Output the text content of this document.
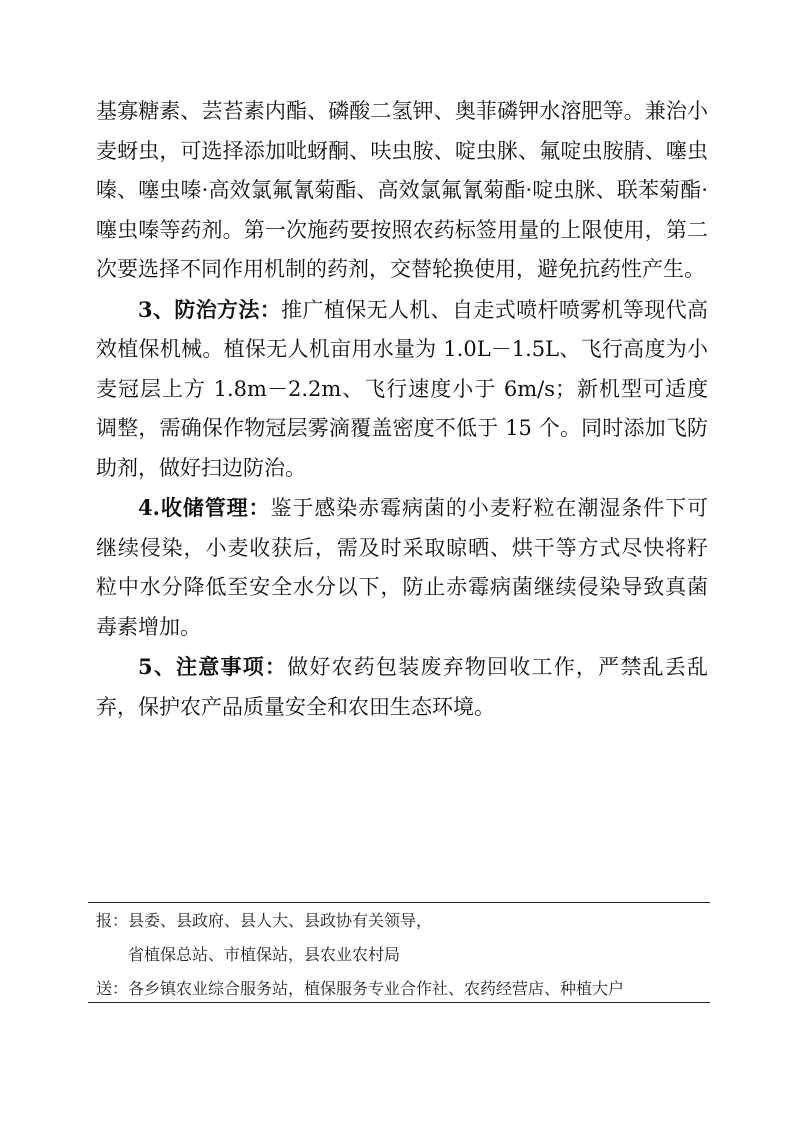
基寡糖素、芸苔素内酯、磷酸二氢钾、奥菲磷钾水溶肥等。兼治小麦蚜虫，可选择添加吡蚜酮、呋虫胺、啶虫脒、氟啶虫胺腈、噻虫嗪、噻虫嗪·高效氯氟氰菊酯、高效氯氟氰菊酯·啶虫脒、联苯菊酯·噻虫嗪等药剂。第一次施药要按照农药标签用量的上限使用，第二次要选择不同作用机制的药剂，交替轮换使用，避免抗药性产生。

3、防治方法：推广植保无人机、自走式喷杆喷雾机等现代高 效植保机械。植保无人机亩用水量为 1.0L－1.5L、飞行高度为小 麦冠层上方 1.8m－2.2m、飞行速度小于 6m/s；新机型可适度调整，需确保作物冠层雾滴覆盖密度不低于 15 个。同时添加飞防助剂，做好扫边防治。

4.收储管理：鉴于感染赤霉病菌的小麦籽粒在潮湿条件下可 继续侵染，小麦收获后，需及时采取晾晒、烘干等方式尽快将籽 粒中水分降低至安全水分以下，防止赤霉病菌继续侵染导致真菌 毒素增加。

5、注意事项：做好农药包装废弃物回收工作，严禁乱丢乱弃，保护农产品质量安全和农田生态环境。

报：县委、县政府、县人大、县政协有关领导，
省植保总站、市植保站，县农业农村局
送：各乡镇农业综合服务站，植保服务专业合作社、农药经营店、种植大户
